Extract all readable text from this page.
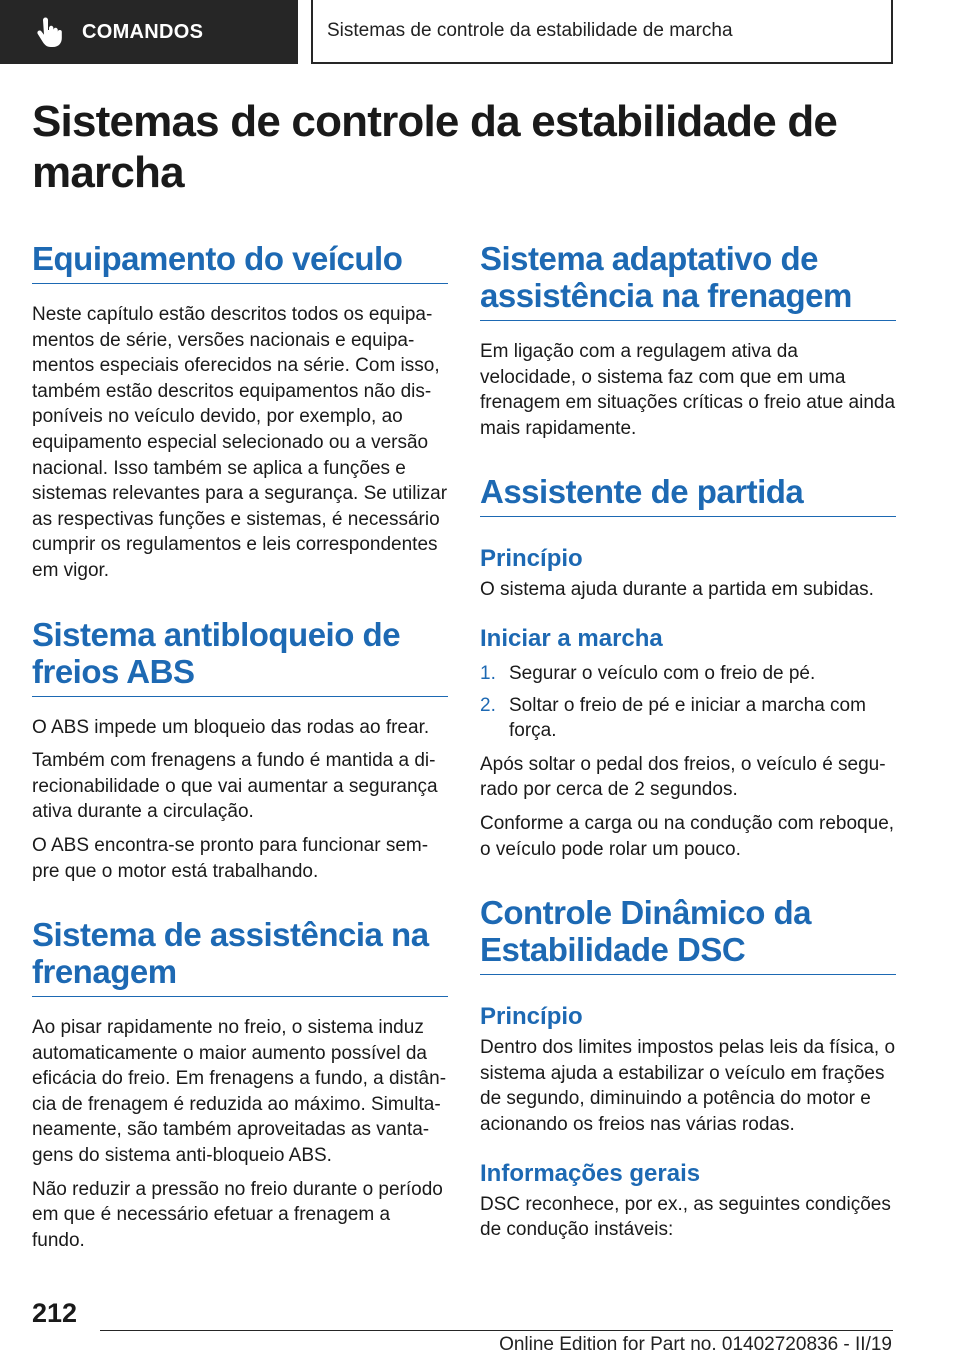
COMANDOS	Sistemas de controle da estabilidade de marcha
Sistemas de controle da estabilidade de marcha
Equipamento do veículo

Neste capítulo estão descritos todos os equipamentos de série, versões nacionais e equipamentos especiais oferecidos na série. Com isso, também estão descritos equipamentos não disponíveis no veículo devido, por exemplo, ao equipamento especial selecionado ou a versão nacional. Isso também se aplica a funções e sistemas relevantes para a segurança. Se utilizar as respectivas funções e sistemas, é necessário cumprir os regulamentos e leis correspondentes em vigor.

Sistema antibloqueio de freios ABS

O ABS impede um bloqueio das rodas ao frear.

Também com frenagens a fundo é mantida a direcionabilidade o que vai aumentar a segurança ativa durante a circulação.

O ABS encontra-se pronto para funcionar sempre que o motor está trabalhando.

Sistema de assistência na frenagem

Ao pisar rapidamente no freio, o sistema induz automaticamente o maior aumento possível da eficácia do freio. Em frenagens a fundo, a distância de frenagem é reduzida ao máximo. Simultaneamente, são também aproveitadas as vantagens do sistema anti-bloqueio ABS.

Não reduzir a pressão no freio durante o período em que é necessário efetuar a frenagem a fundo.

Sistema adaptativo de assistência na frenagem

Em ligação com a regulagem ativa da velocidade, o sistema faz com que em uma frenagem em situações críticas o freio atue ainda mais rapidamente.

Assistente de partida
Princípio

O sistema ajuda durante a partida em subidas.

Iniciar a marcha
1. Segurar o veículo com o freio de pé.
2. Soltar o freio de pé e iniciar a marcha com força.

Após soltar o pedal dos freios, o veículo é segurado por cerca de 2 segundos.

Conforme a carga ou na condução com reboque, o veículo pode rolar um pouco.

Controle Dinâmico da Estabilidade DSC
Princípio

Dentro dos limites impostos pelas leis da física, o sistema ajuda a estabilizar o veículo em frações de segundo, diminuindo a potência do motor e acionando os freios nas várias rodas.

Informações gerais

DSC reconhece, por ex., as seguintes condições de condução instáveis:

212
Online Edition for Part no. 01402720836 - II/19
